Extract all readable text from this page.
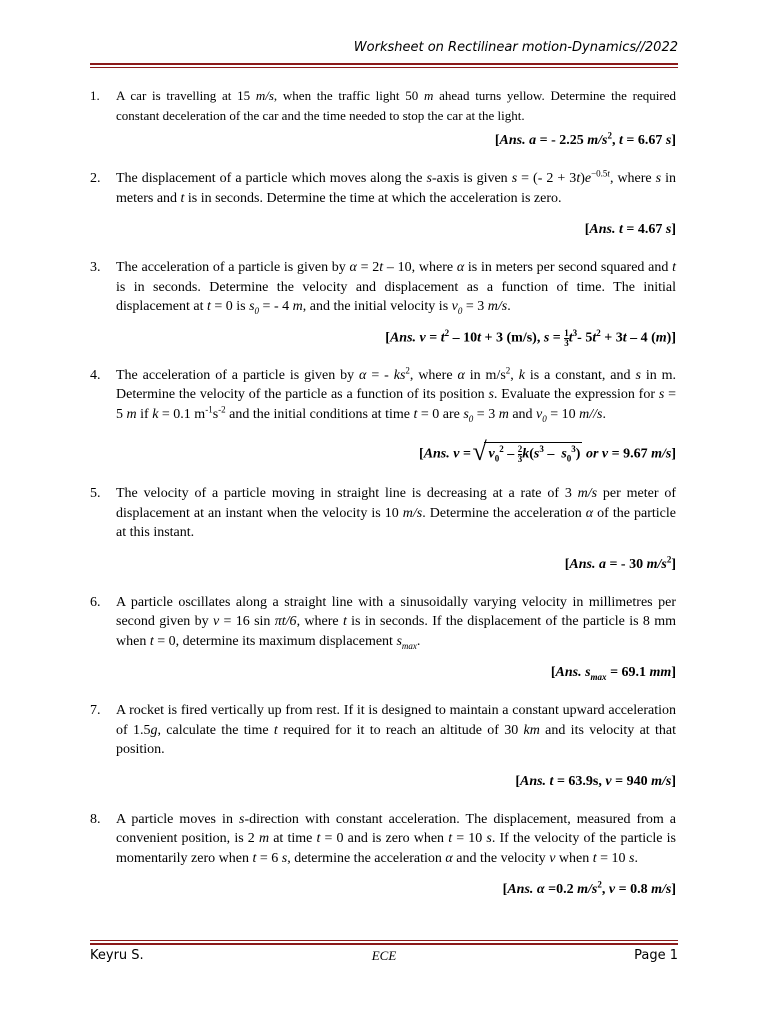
Worksheet on Rectilinear motion-Dynamics//2022
1. A car is travelling at 15 m/s, when the traffic light 50 m ahead turns yellow. Determine the required constant deceleration of the car and the time needed to stop the car at the light.
[Ans. a = - 2.25 $m/s^2$, t = 6.67 s]
2. The displacement of a particle which moves along the s-axis is given s = (- $2 + 3t)e^{-0.5t}$, where s in meters and t is in seconds. Determine the time at which the acceleration is zero.
[Ans. t = 4.67 s]
3. The acceleration of a particle is given by α = 2t – 10, where α is in meters per second squared and t is in seconds. Determine the velocity and displacement as a function of time. The initial displacement at t = 0 is $s_0$ = - 4 m, and the initial velocity is $v_0 = 3$ m/s.
[Ans. $v = t^2 - 10t + 3$ (m/s), $s = \frac{1}{3} t^3-$ $5t^2 + 3t - 4$ (m)]
4. The acceleration of a particle is given by α = - $ks^2$, where α in $m/s^2$, k is a constant, and s in m. Determine the velocity of the particle as a function of its position s. Evaluate the expression for s = 5 m if k = 0.1 $m^{-1}s^{-2}$ and the initial conditions at time t = 0 are $s_0 = 3$ m and $v_0 = 10$ m//s.
[Ans. v = √ $v_0^2 - \frac{2}{3} k(s^3 - s_0^3)$ or v = 9.67 m/s]
5. The velocity of a particle moving in straight line is decreasing at a rate of 3 m/s per meter of displacement at an instant when the velocity is 10 m/s. Determine the acceleration α of the particle at this instant.
[Ans. a = - 30 $m/s^2$]
6. A particle oscillates along a straight line with a sinusoidally varying velocity in millimetres per second given by v = 16 sin πt/6, where t is in seconds. If the displacement of the particle is 8 mm when t = 0, determine its maximum displacement $s_{max}$.
[Ans. $s_{max} = 69.1$ mm]
7. A rocket is fired vertically up from rest. If it is designed to maintain a constant upward acceleration of 1.5g, calculate the time t required for it to reach an altitude of 30 km and its velocity at that position.
[Ans. t = 63.9s, v = 940 m/s]
8. A particle moves in s-direction with constant acceleration. The displacement, measured from a convenient position, is 2 m at time t = 0 and is zero when t = 10 s. If the velocity of the particle is momentarily zero when t = 6 s, determine the acceleration α and the velocity v when t = 10 s.
[Ans. α =0.2 $m/s^2$, v = 0.8 m/s]
Keyru S.	ECE	Page 1
